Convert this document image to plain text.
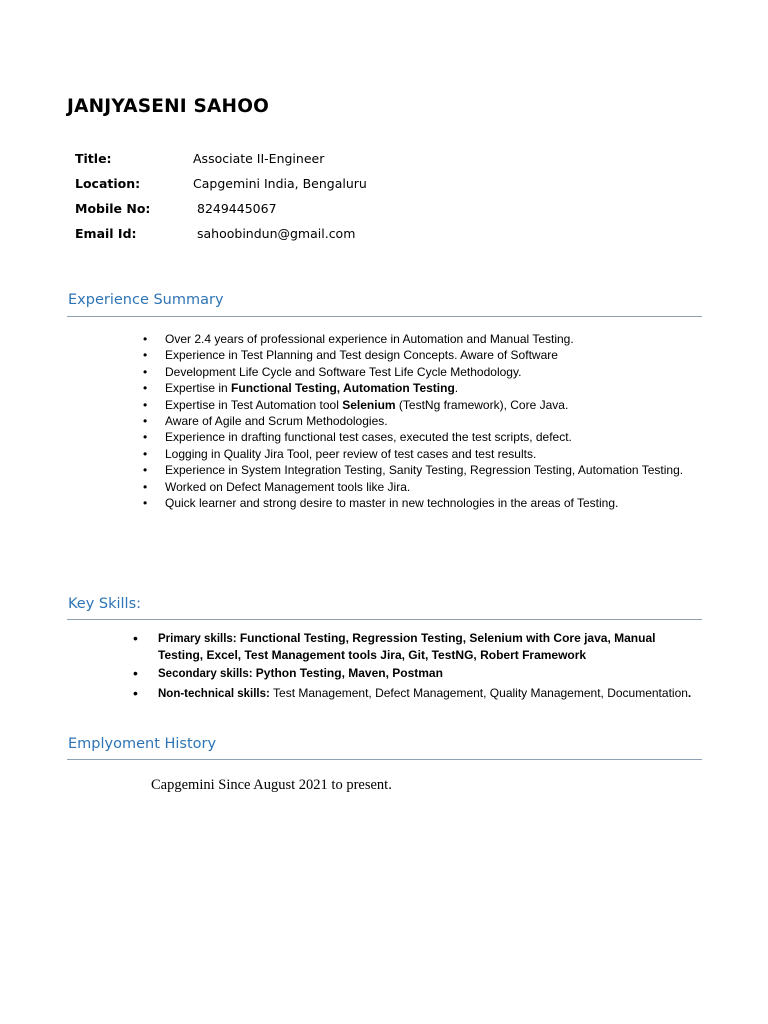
JANJYASENI SAHOO
Title:	Associate II-Engineer
Location:	Capgemini India, Bengaluru
Mobile No:	8249445067
Email Id:	sahoobindun@gmail.com
Experience Summary
• Over 2.4 years of professional experience in Automation and Manual Testing.
• Experience in Test Planning and Test design Concepts. Aware of Software
• Development Life Cycle and Software Test Life Cycle Methodology.
• Expertise in Functional Testing, Automation Testing.
• Expertise in Test Automation tool Selenium (TestNg framework), Core Java.
• Aware of Agile and Scrum Methodologies.
• Experience in drafting functional test cases, executed the test scripts, defect.
• Logging in Quality Jira Tool, peer review of test cases and test results.
• Experience in System Integration Testing, Sanity Testing, Regression Testing, Automation Testing.
• Worked on Defect Management tools like Jira.
• Quick learner and strong desire to master in new technologies in the areas of Testing.
Key Skills:
• Primary skills: Functional Testing, Regression Testing, Selenium with Core java, Manual Testing, Excel, Test Management tools Jira, Git, TestNG, Robert Framework
• Secondary skills: Python Testing, Maven, Postman
• Non-technical skills: Test Management, Defect Management, Quality Management, Documentation.
Emplyoment History
Capgemini Since August 2021 to present.
